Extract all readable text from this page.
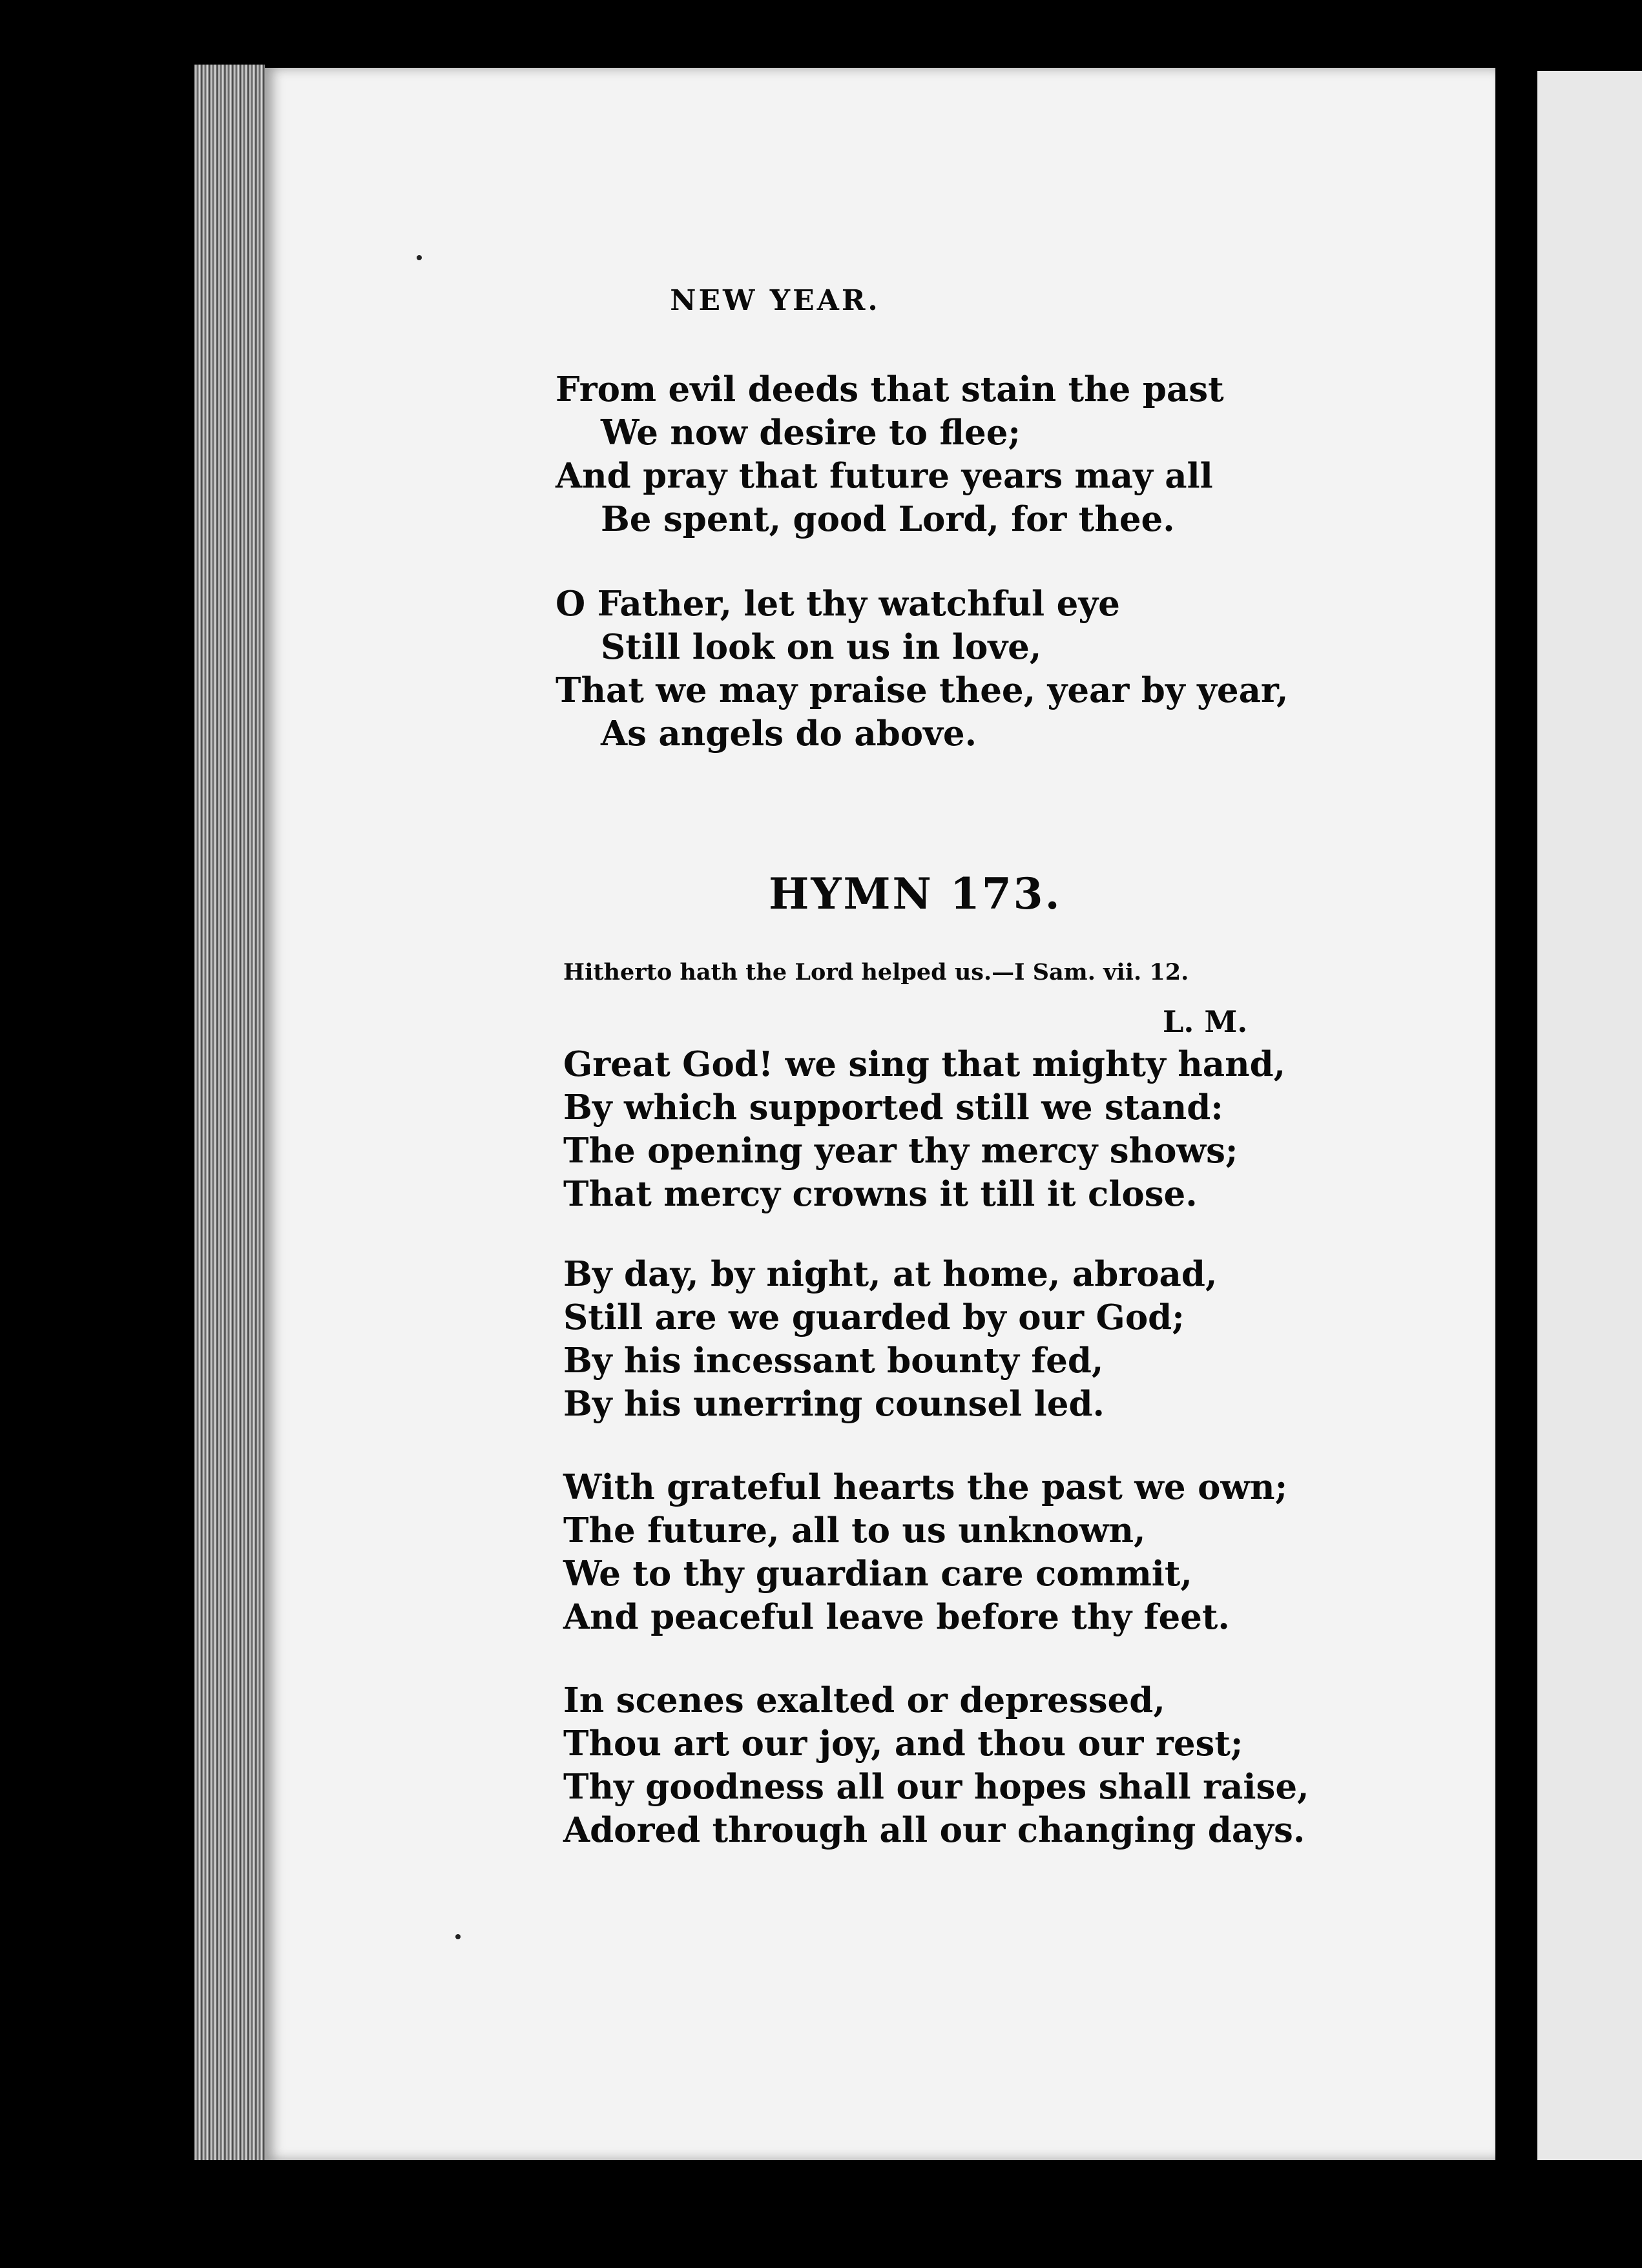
NEW YEAR.
From evil deeds that stain the past
We now desire to flee;
And pray that future years may all
Be spent, good Lord, for thee.
O Father, let thy watchful eye
Still look on us in love,
That we may praise thee, year by year,
As angels do above.
HYMN 173.
Hitherto hath the Lord helped us.—I Sam. vii. 12.
L. M.
Great God! we sing that mighty hand,
By which supported still we stand:
The opening year thy mercy shows;
That mercy crowns it till it close.
By day, by night, at home, abroad,
Still are we guarded by our God;
By his incessant bounty fed,
By his unerring counsel led.
With grateful hearts the past we own;
The future, all to us unknown,
We to thy guardian care commit,
And peaceful leave before thy feet.
In scenes exalted or depressed,
Thou art our joy, and thou our rest;
Thy goodness all our hopes shall raise,
Adored through all our changing days.
